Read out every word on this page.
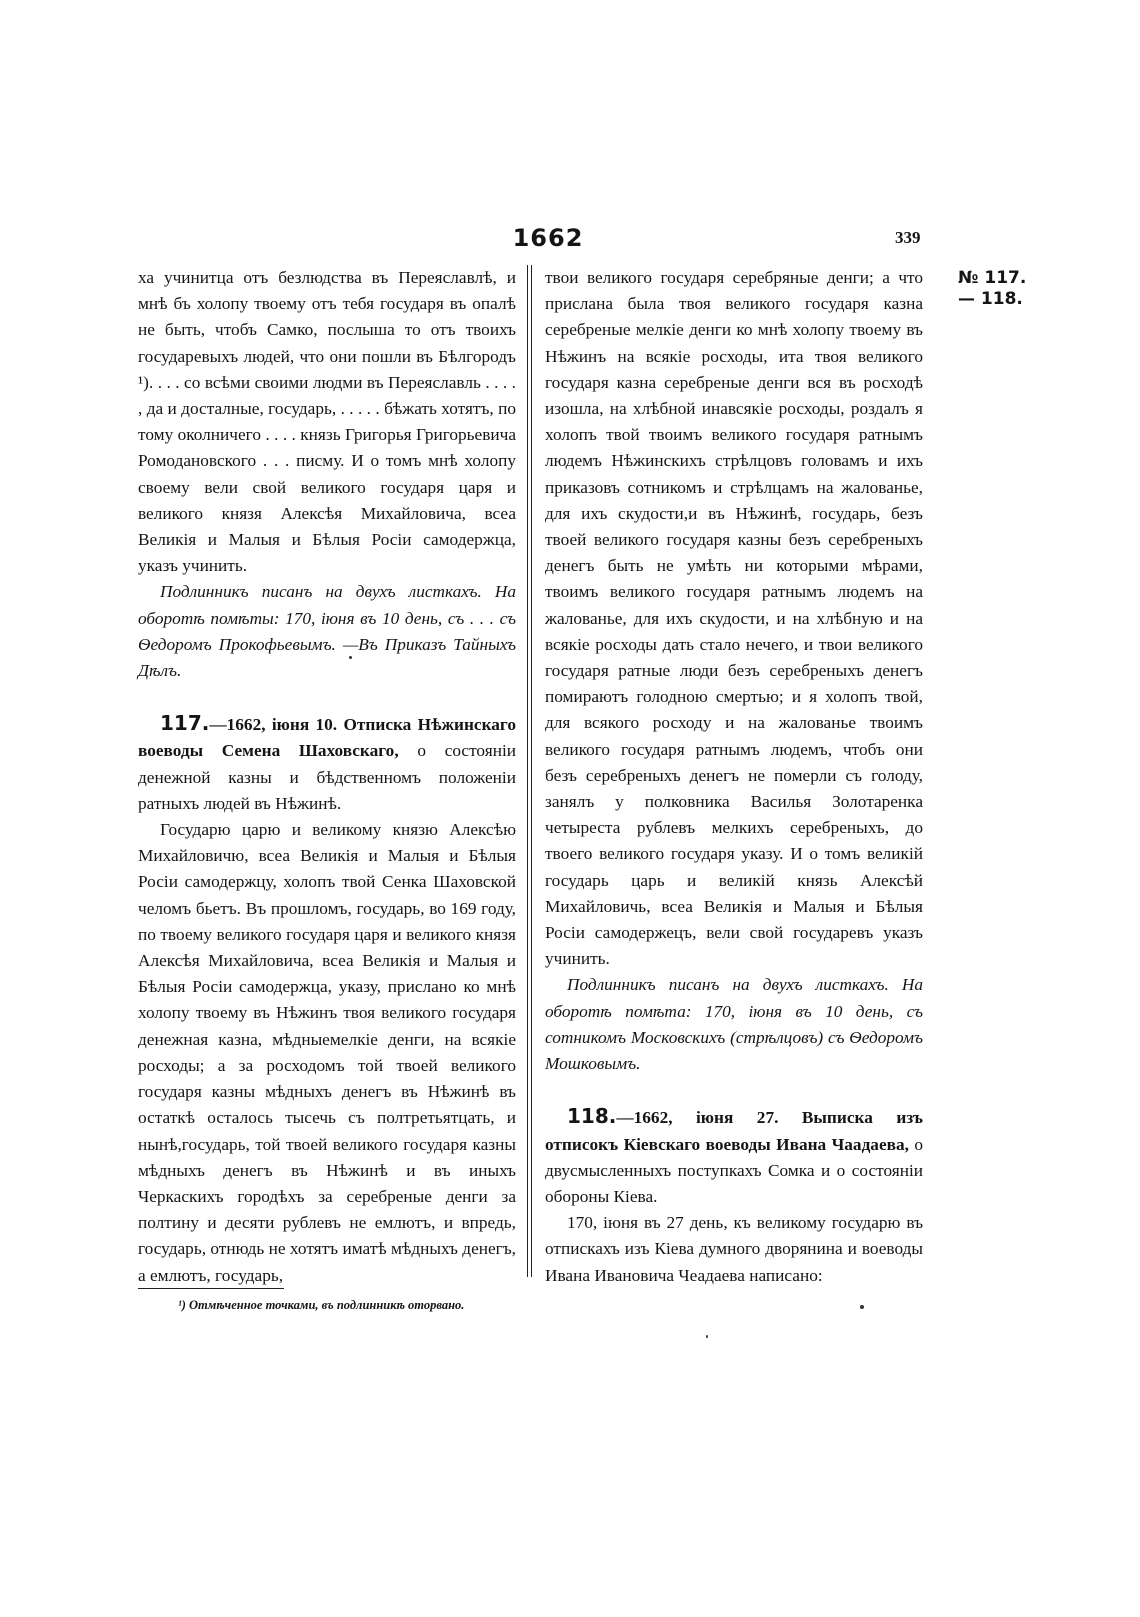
1662	339
№ 117.
— 118.

ха учинитца отъ безлюдства въ Переяславлѣ, и мнѣ бъ холопу твоему отъ тебя государя въ опалѣ не быть, чтобъ Самко, послыша то отъ твоихъ государевыхъ людей, что они пошли въ Бѣлгородъ ¹). . . . со всѣми своими людми въ Переяславль . . . . , да и досталные, государь, . . . . . бѣжать хотятъ, по тому околничего . . . . князь Григорья Григорьевича Ромодановского . . . писму. И о томъ мнѣ холопу своему вели свой великого государя царя и великого князя Алексѣя Михайловича, всеа Великія и Малыя и Бѣлыя Росіи самодержца, указъ учинить.

Подлинникъ писанъ на двухъ листкахъ. На оборотѣ помѣты: 170, іюня въ 10 день, съ . . . съ Ѳедоромъ Прокофьевымъ. —Въ Приказъ Тайныхъ Дѣлъ.

117.—1662, іюня 10. Отписка Нѣжинскаго воеводы Семена Шаховскаго, о состояніи денежной казны и бѣдственномъ положеніи ратныхъ людей въ Нѣжинѣ.

Государю царю и великому князю Алексѣю Михайловичю, всеа Великія и Малыя и Бѣлыя Росіи самодержцу, холопъ твой Сенка Шаховской челомъ бьетъ. Въ прошломъ, государь, во 169 году, по твоему великого государя царя и великого князя Алексѣя Михайловича, всеа Великія и Малыя и Бѣлыя Росіи самодержца, указу, прислано ко мнѣ холопу твоему въ Нѣжинъ твоя великого государя денежная казна, мѣдныемелкіе денги, на всякіе росходы; а за росходомъ той твоей великого государя казны мѣдныхъ денегъ въ Нѣжинѣ въ остаткѣ осталось тысечь съ полтретьятцать, и нынѣ,государь, той твоей великого государя казны мѣдныхъ денегъ въ Нѣжинѣ и въ иныхъ Черкаскихъ городѣхъ за серебреные денги за полтину и десяти рублевъ не емлютъ, и впредь, государь, отнюдь не хотятъ иматѣ мѣдныхъ денегъ, а емлютъ, государь,

твои великого государя серебряные денги; а что прислана была твоя великого государя казна серебреные мелкіе денги ко мнѣ холопу твоему въ Нѣжинъ на всякіе росходы, ита твоя великого государя казна серебреные денги вся въ росходѣ изошла, на хлѣбной инавсякіе росходы, роздалъ я холопъ твой твоимъ великого государя ратнымъ людемъ Нѣжинскихъ стрѣлцовъ головамъ и ихъ приказовъ сотникомъ и стрѣлцамъ на жалованье, для ихъ скудости,и въ Нѣжинѣ, государь, безъ твоей великого государя казны безъ серебреныхъ денегъ быть не умѣть ни которыми мѣрами, твоимъ великого государя ратнымъ людемъ на жалованье, для ихъ скудости, и на хлѣбную и на всякіе росходы дать стало нечего, и твои великого государя ратные люди безъ серебреныхъ денегъ помираютъ голодною смертью; и я холопъ твой, для всякого росходу и на жалованье твоимъ великого государя ратнымъ людемъ, чтобъ они безъ серебреныхъ денегъ не померли съ голоду, занялъ у полковника Василья Золотаренка четыреста рублевъ мелкихъ серебреныхъ, до твоего великого государя указу. И о томъ великій государь царь и великій князь Алексѣй Михайловичь, всеа Великія и Малыя и Бѣлыя Росіи самодержецъ, вели свой государевъ указъ учинить.

Подлинникъ писанъ на двухъ листкахъ. На оборотѣ помѣта: 170, іюня въ 10 день, съ сотникомъ Московскихъ (стрѣлцовъ) съ Ѳедоромъ Мошковымъ.

118.—1662, іюня 27. Выписка изъ отписокъ Кіевскаго воеводы Ивана Чаадаева, о двусмысленныхъ поступкахъ Сомка и о состояніи обороны Кіева.

170, іюня въ 27 день, къ великому государю въ отпискахъ изъ Кіева думного дворянина и воеводы Ивана Ивановича Чеадаева написано:

¹) Отмѣченное точками, въ подлинникѣ оторвано.
